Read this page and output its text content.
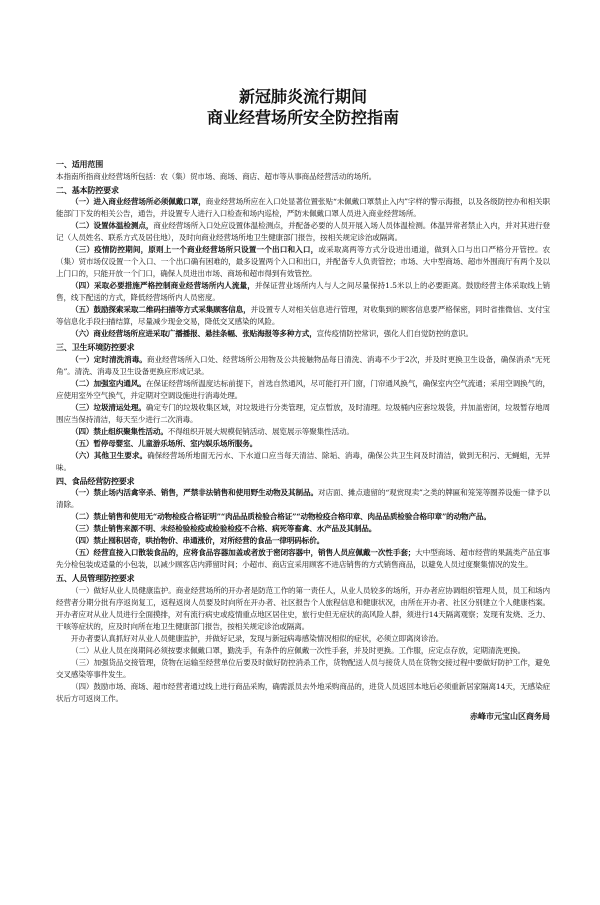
新冠肺炎流行期间
商业经营场所安全防控指南
一、适用范围

本指南所指商业经营场所包括：农（集）贸市场、商场、商店、超市等从事商品经营活动的场所。

二、基本防控要求

（一）进入商业经营场所必须佩戴口罩，商业经营场所应在入口处显著位置张贴“未佩戴口罩禁止入内”字样的警示海报，以及各级防控办和相关职能部门下发的相关公告，通告，并设置专人进行入口检查和场内巡检，严防未佩戴口罩人员进入商业经营场所。

（二）设置体温检测点，商业经营场所入口处应设置体温检测点，并配备必要的人员开展入场人员体温检测。体温异常者禁止入内，并对其进行登记（人员姓名、联系方式及居住地），及时向商业经营场所地卫生健康部门报告，按相关规定诊治或隔离。

（三）疫情防控期间，原则上一个商业经营场所只设置一个出口和入口，或采取离两等方式分设进出通道，做到入口与出口严格分开管控。农（集）贸市场仅设置一个入口、一个出口确有困难的，最多设置两个入口和出口，并配备专人负责管控；市场、大中型商场、超市外围商厅有两个及以上门口的，只能开放一个门口，确保人员进出市场、商场和超市得到有效管控。

（四）采取必要措施严格控制商业经营场所内人流量，并保证营业场所内人与人之间尽量保持1.5米以上的必要距离。鼓励经营主体采取线上销售，线下配送的方式，降低经营场所内人员密度。

（五）鼓励探索采取二维码扫描等方式采集顾客信息，并设置专人对相关信息进行管理，对收集到的顾客信息要严格保密，同时省推微信、支付宝等信息化手段扫描结算，尽量减少现金交易，降低交叉感染的风险。

（六）商业经营场所应进采取广播播报、悬挂条幅、张贴海报等多种方式，宣传疫情防控常识，强化人们自觉防控的意识。

三、卫生环境防控要求

（一）定时清洗消毒。商业经营场所入口处、经营场所公用物及公共接触物品每日清洗、消毒不少于2次，并及时更换卫生设备，确保消杀“无死角”。清洗、消毒及卫生设备更换应形成记录。

（二）加强室内通风。在保证经营场所温度达标前提下，首选自然通风，尽可能打开门窗，门帘通风换气，确保室内空气流通；采用空调换气的，应使用室外空气换气，并定期对空调设施进行消毒处理。

（三）垃圾清运处理。确定专门的垃圾收集区域，对垃圾进行分类管理，定点暂放，及时清理。垃圾桶内应套垃圾袋，并加盖密闭，垃圾暂存地周围应当保持清洁，每天至少进行二次消毒。

（四）禁止组织聚集性活动。不得组织开展大规模促销活动、展览展示等聚集性活动。

（五）暂停母婴室、儿童游乐场所、室内娱乐场所服务。

（六）其他卫生要求。确保经营场所地面无污水、下水道口应当每天清洁、除垢、消毒，确保公共卫生间及时清洁，做到无积污、无蝇蛆，无异味。

四、食品经营防控要求

（一）禁止场内活禽宰杀、销售，严禁非法销售和使用野生动物及其制品。对店面、摊点遗留的“观赏现卖”之类的牌匾和笼笼等圈养设施一律予以清除。

（二）禁止销售和使用无“动物检疫合格证明”“肉品品质检验合格证”“动物检疫合格印章、肉品品质检验合格印章”的动物产品。

（三）禁止销售来源不明、未经检验检疫或检验检疫不合格、病死等畜禽、水产品及其制品。

（四）禁止囤积居奇，哄抬物价、串通涨价，对所经营的食品一律明码标价。

（五）经营直接入口散装食品的，应将食品容器加盖或者放于密闭容器中，销售人员应佩戴一次性手套；大中型商场、超市经营的果蔬类产品宜事先分检包装成适量的小包装，以减少顾客店内滞留时间；小超市、商店宜采用顾客不进店销售的方式销售商品，以避免人员过度聚集情况的发生。

五、人员管理防控要求

（一）做好从业人员健康监护。商业经营场所的开办者是防范工作的第一责任人，从业人员较多的场所，开办者应协调组织管理人员，员工和场内经营者分期分批有序返岗复工，返程返岗人员要及时向所在开办者、社区报告个人旅程信息和健康状况，由所在开办者、社区分别建立个人健康档案。开办者应对从业人员进行全面摸排，对有流行病史或疫情重点地区居住史，旅行史但无症状的高风险人群，须进行14天隔离观察；发现有发烧、乏力、干咳等症状的，应及时向所在地卫生健康部门报告，按相关规定诊治或隔离。

开办者要认真抓好对从业人员健康监护，并做好记录，发现与新冠病毒感染情况相似的症状，必须立即离岗诊治。

（二）从业人员在岗期间必须按要求佩戴口罩，勤洗手，有条件的应佩戴一次性手套，并及时更换。工作服，应定点存放，定期清洗更换。

（三）加强货品交接管理，货物在运输至经营单位后要及时做好防控消杀工作，货物配送人员与接货人员在货物交接过程中要做好防护工作，避免交叉感染等事件发生。

（四）鼓励市场、商场、超市经营者通过线上进行商品采购，确需派员去外地采购商品的，进货人员返回本地后必须重新居家隔离14天，无感染症状后方可返岗工作。

赤峰市元宝山区商务局
